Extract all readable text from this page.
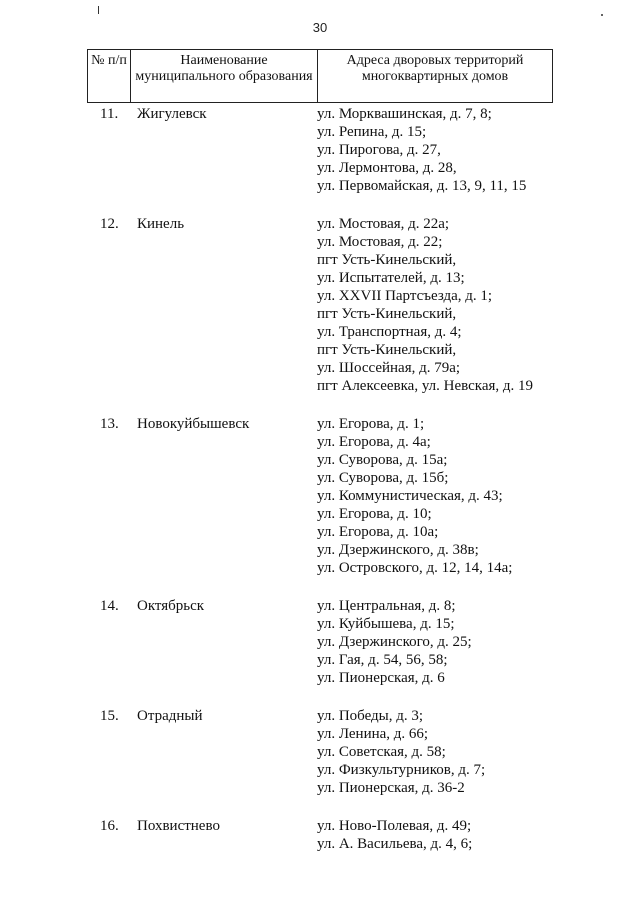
30
№ п/п	Наименование муниципального образования	Адреса дворовых территорий многоквартирных домов
11.	Жигулевск	ул. Морквашинская, д. 7, 8;
ул. Репина, д. 15;
ул. Пирогова, д. 27,
ул. Лермонтова, д. 28,
ул. Первомайская, д. 13, 9, 11, 15
12.	Кинель	ул. Мостовая, д. 22а;
ул. Мостовая, д. 22;
пгт Усть-Кинельский,
ул. Испытателей, д. 13;
ул. XXVII Партсъезда, д. 1;
пгт Усть-Кинельский,
ул. Транспортная, д. 4;
пгт Усть-Кинельский,
ул. Шоссейная, д. 79а;
пгт Алексеевка, ул. Невская, д. 19
13.	Новокуйбышевск	ул. Егорова, д. 1;
ул. Егорова, д. 4а;
ул. Суворова, д. 15а;
ул. Суворова, д. 15б;
ул. Коммунистическая, д. 43;
ул. Егорова, д. 10;
ул. Егорова, д. 10а;
ул. Дзержинского, д. 38в;
ул. Островского, д. 12, 14, 14а;
14.	Октябрьск	ул. Центральная, д. 8;
ул. Куйбышева, д. 15;
ул. Дзержинского, д. 25;
ул. Гая, д. 54, 56, 58;
ул. Пионерская, д. 6
15.	Отрадный	ул. Победы, д. 3;
ул. Ленина, д. 66;
ул. Советская, д. 58;
ул. Физкультурников, д. 7;
ул. Пионерская, д. 36-2
16.	Похвистнево	ул. Ново-Полевая, д. 49;
ул. А. Васильева, д. 4, 6;
